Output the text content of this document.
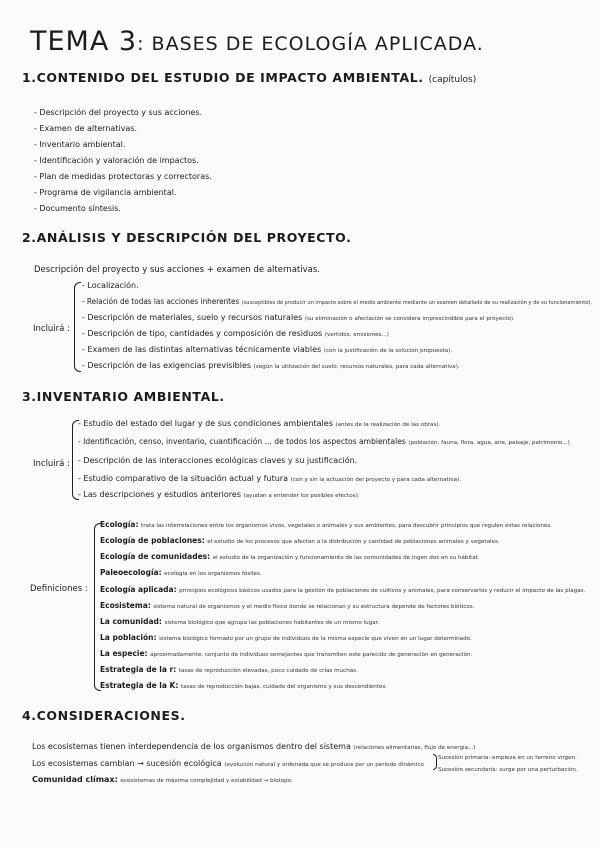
TEMA 3: BASES DE ECOLOGÍA APLICADA.
1.CONTENIDO DEL ESTUDIO DE IMPACTO AMBIENTAL. (capítulos)
- Descripción del proyecto y sus acciones.
- Examen de alternativas.
- Inventario ambiental.
- Identificación y valoración de impactos.
- Plan de medidas protectoras y correctoras.
- Programa de vigilancia ambiental.
- Documento síntesis.
2.ANÁLISIS Y DESCRIPCIÓN DEL PROYECTO.
Descripción del proyecto y sus acciones + examen de alternativas.
Incluirá :
- Localización.
- Relación de todas las acciones inherentes (susceptibles de producir un impacto sobre el medio ambiente mediante un examen detallado de su realización y de su funcionamiento).
- Descripción de materiales, suelo y recursos naturales (su eliminación o afectación se considera imprescindible para el proyecto).
- Descripción de tipo, cantidades y composición de residuos (vertidos, emisiones...)
- Examen de las distintas alternativas técnicamente viables (con la justificación de la solución propuesta).
- Descripción de las exigencias previsibles (según la utilización del suelo, recursos naturales, para cada alternativa).
3.INVENTARIO AMBIENTAL.
Incluirá :
- Estudio del estado del lugar y de sus condiciones ambientales (antes de la realización de las obras).
- Identificación, censo, inventario, cuantificación ... de todos los aspectos ambientales (población, fauna, flora, agua, aire, paisaje, patrimonio...)
- Descripción de las interacciones ecológicas claves y su justificación.
- Estudio comparativo de la situación actual y futura (con y sin la actuación del proyecto y para cada alternativa).
- Las descripciones y estudios anteriores (ayudan a entender los posibles efectos).
Definiciones :
Ecología: trata las interrelaciones entre los organismos vivos, vegetales o animales y sus ambientes, para descubrir principios que regulen estas relaciones.
Ecología de poblaciones: el estudio de los procesos que afectan a la distribución y cantidad de poblaciones animales y vegetales.
Ecología de comunidades: el estudio de la organización y funcionamiento de las comunidades de ingen dos en su hábitat.
Paleoecología: ecología en los organismos fósiles.
Ecología aplicada: principios ecológicos básicos usados para la gestión de poblaciones de cultivos y animales, para conservarlos y reducir el impacto de las plagas.
Ecosistema: sistema natural de organismos y el medio físico donde se relacionan y su estructura depende de factores bióticos.
La comunidad: sistema biológico que agrupa las poblaciones habitantes de un mismo lugar.
La población: sistema biológico formado por un grupo de individuos de la misma especie que viven en un lugar determinado.
La especie: aproximadamente, conjunto de individuos semejantes que transmiten este parecido de generación en generación.
Estrategia de la r: tasas de reproducción elevadas, poco cuidado de crías muchas.
Estrategia de la K: tasas de reproducción bajas, cuidado del organismo y sus descendientes.
4.CONSIDERACIONES.
Los ecosistemas tienen interdependencia de los organismos dentro del sistema (relaciones alimentarias, flujo de energía...)
Los ecosistemas cambian → sucesión ecológica (evolución natural y ordenada que se produce por un período dinámico
Sucesión primaria: empieza en un terreno virgen.
Sucesión secundaria: surge por una perturbación.
Comunidad clímax: ecosistemas de máxima complejidad y estabilidad → biotopo.
